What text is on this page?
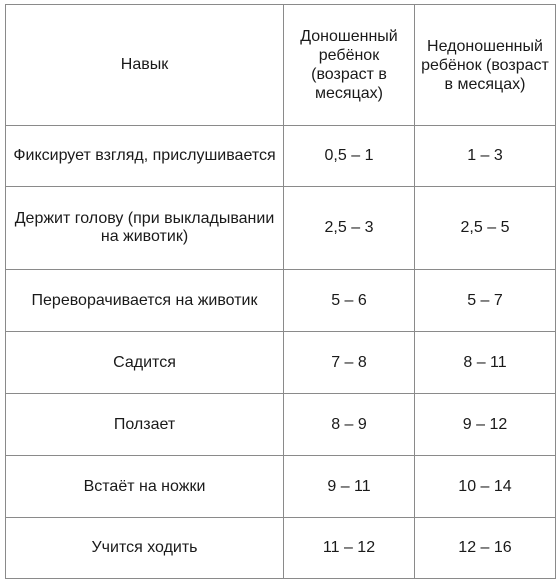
Навык	Доношенный ребёнок (возраст в месяцах)	Недоношенный ребёнок (возраст в месяцах)

Фиксирует взгляд, прислушивается	0,5 – 1	1 – 3
Держит голову (при выкладывании на животик)	2,5 – 3	2,5 – 5
Переворачивается на животик	5 – 6	5 – 7
Садится	7 – 8	8 – 11
Ползает	8 – 9	9 – 12
Встаёт на ножки	9 – 11	10 – 14
Учится ходить	11 – 12	12 – 16
